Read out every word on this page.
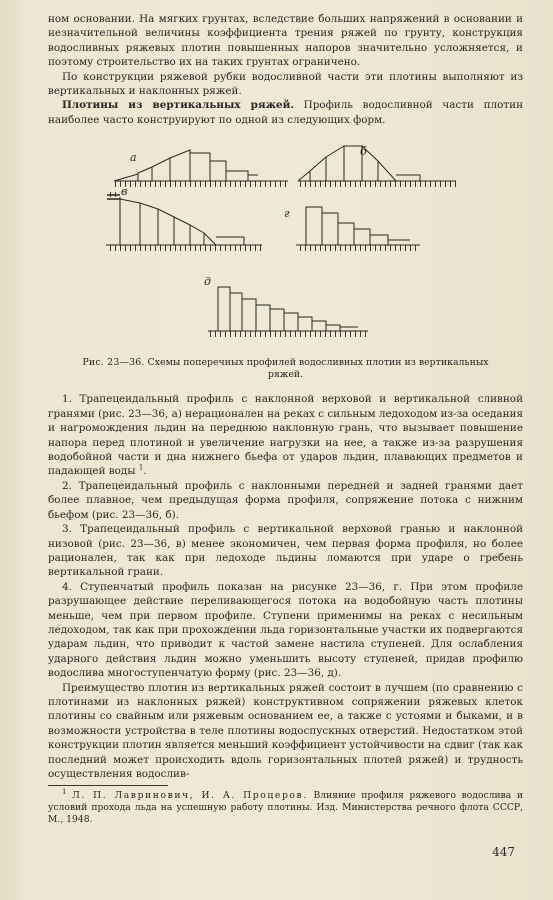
ном основании. На мягких грунтах, вследствие больших напряжений в основании и незначительной величины коэффициента трения ряжей по грунту, конструкция водосливных ряжевых плотин повышенных напоров значительно усложняется, и поэтому строительство их на таких грунтах ограничено.

По конструкции ряжевой рубки водосливной части эти плотины выполняют из вертикальных и наклонных ряжей.

Плотины из вертикальных ряжей. Профиль водосливной части плотин наиболее часто конструируют по одной из следующих форм.

а	б
в
г
д

Рис. 23—36. Схемы поперечных профилей водосливных плотин из вертикальных ряжей.

1. Трапецеидальный профиль с наклонной верховой и вертикальной сливной гранями (рис. 23—36, а) нерационален на реках с сильным ледоходом из-за оседания и нагромождения льдин на переднюю наклонную грань, что вызывает повышение напора перед плотиной и увеличение нагрузки на нее, а также из-за разрушения водобойной части и дна нижнего бьефа от ударов льдин, плавающих предметов и падающей воды $^1$.

2. Трапецеидальный профиль с наклонными передней и задней гранями дает более плавное, чем предыдущая форма профиля, сопряжение потока с нижним бьефом (рис. 23—36, б).

3. Трапецеидальный профиль с вертикальной верховой гранью и наклонной низовой (рис. 23—36, в) менее экономичен, чем первая форма профиля, но более рационален, так как при ледоходе льдины ломаются при ударе о гребень вертикальной грани.

4. Ступенчатый профиль показан на рисунке 23—36, г. При этом профиле разрушающее действие переливающегося потока на водобойную часть плотины меньше, чем при первом профиле. Ступени применимы на реках с несильным ледоходом, так как при прохождении льда горизонтальные участки их подвергаются ударам льдин, что приводит к частой замене настила ступеней. Для ослабления ударного действия льдин можно уменьшить высоту ступеней, придав профилю водослива многоступенчатую форму (рис. 23—36, д).

Преимущество плотин из вертикальных ряжей состоит в лучшем (по сравнению с плотинами из наклонных ряжей) конструктивном сопряжении ряжевых клеток плотины со свайным или ряжевым основанием ее, а также с устоями и быками, и в возможности устройства в теле плотины водоспускных отверстий. Недостатком этой конструкции плотин является меньший коэффициент устойчивости на сдвиг (так как последний может происходить вдоль горизонтальных плотей ряжей) и трудность осуществления водослив-

$^1$ Л. П. Лавринович, И. А. Процеров. Влияние профиля ряжевого водослива и условий прохода льда на успешную работу плотины. Изд. Министерства речного флота СССР, М., 1948.

447
